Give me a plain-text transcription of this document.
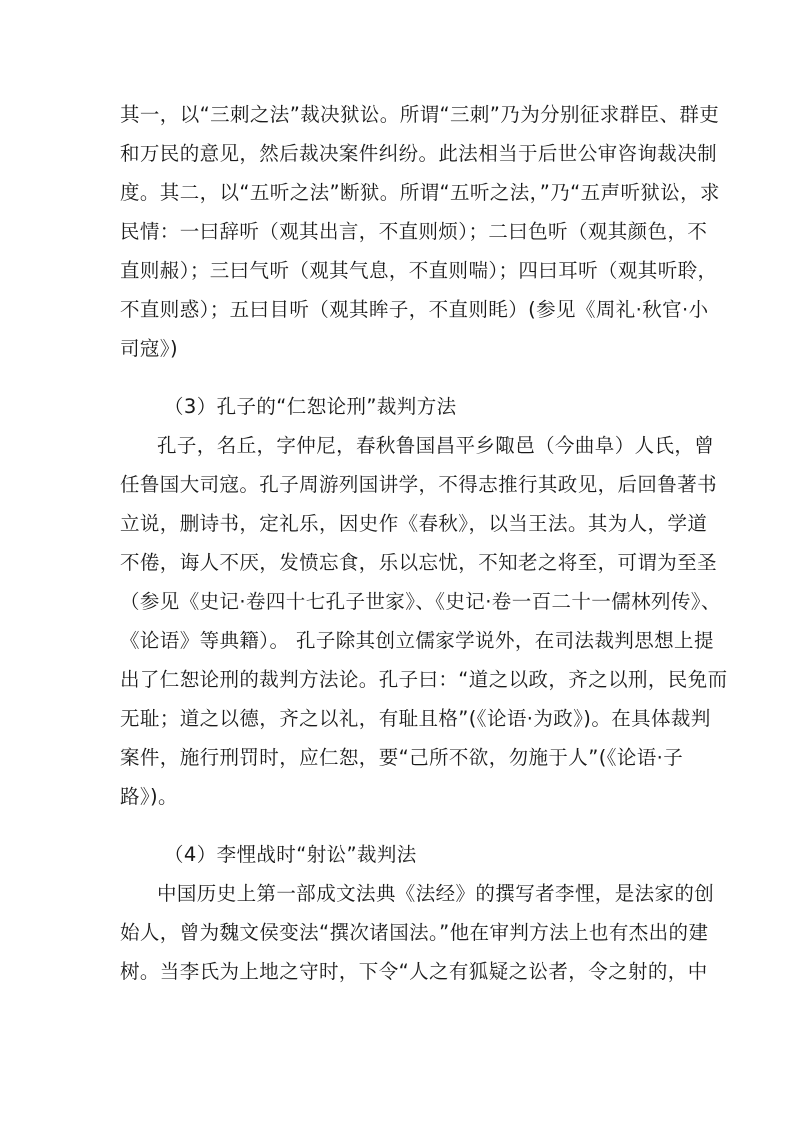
其一，以“三刺之法”裁决狱讼。所谓“三刺”乃为分别征求群臣、群吏
和万民的意见，然后裁决案件纠纷。此法相当于后世公审咨询裁决制
度。其二，以“五听之法”断狱。所谓“五听之法，”乃“五声听狱讼，求
民情：一曰辞听（观其出言，不直则烦）；二曰色听（观其颜色，不
直则赧）；三曰气听（观其气息，不直则喘）；四曰耳听（观其听聆，
不直则惑）；五曰目听（观其眸子，不直则眊）(参见《周礼·秋官·小
司寇》)
（3）孔子的“仁恕论刑”裁判方法
孔子，名丘，字仲尼，春秋鲁国昌平乡陬邑（今曲阜）人氏，曾
任鲁国大司寇。孔子周游列国讲学，不得志推行其政见，后回鲁著书
立说，删诗书，定礼乐，因史作《春秋》，以当王法。其为人，学道
不倦，诲人不厌，发愤忘食，乐以忘忧，不知老之将至，可谓为至圣
（参见《史记·卷四十七孔子世家》、《史记·卷一百二十一儒林列传》、
《论语》等典籍）。 孔子除其创立儒家学说外，在司法裁判思想上提
出了仁恕论刑的裁判方法论。孔子曰：“道之以政，齐之以刑，民免而
无耻；道之以德，齐之以礼，有耻且格”(《论语·为政》)。在具体裁判
案件，施行刑罚时，应仁恕，要“己所不欲，勿施于人”(《论语·子
路》)。
（4）李悝战时“射讼”裁判法
中国历史上第一部成文法典《法经》的撰写者李悝，是法家的创
始人，曾为魏文侯变法“撰次诸国法。”他在审判方法上也有杰出的建
树。当李氏为上地之守时，下令“人之有狐疑之讼者，令之射的，中
